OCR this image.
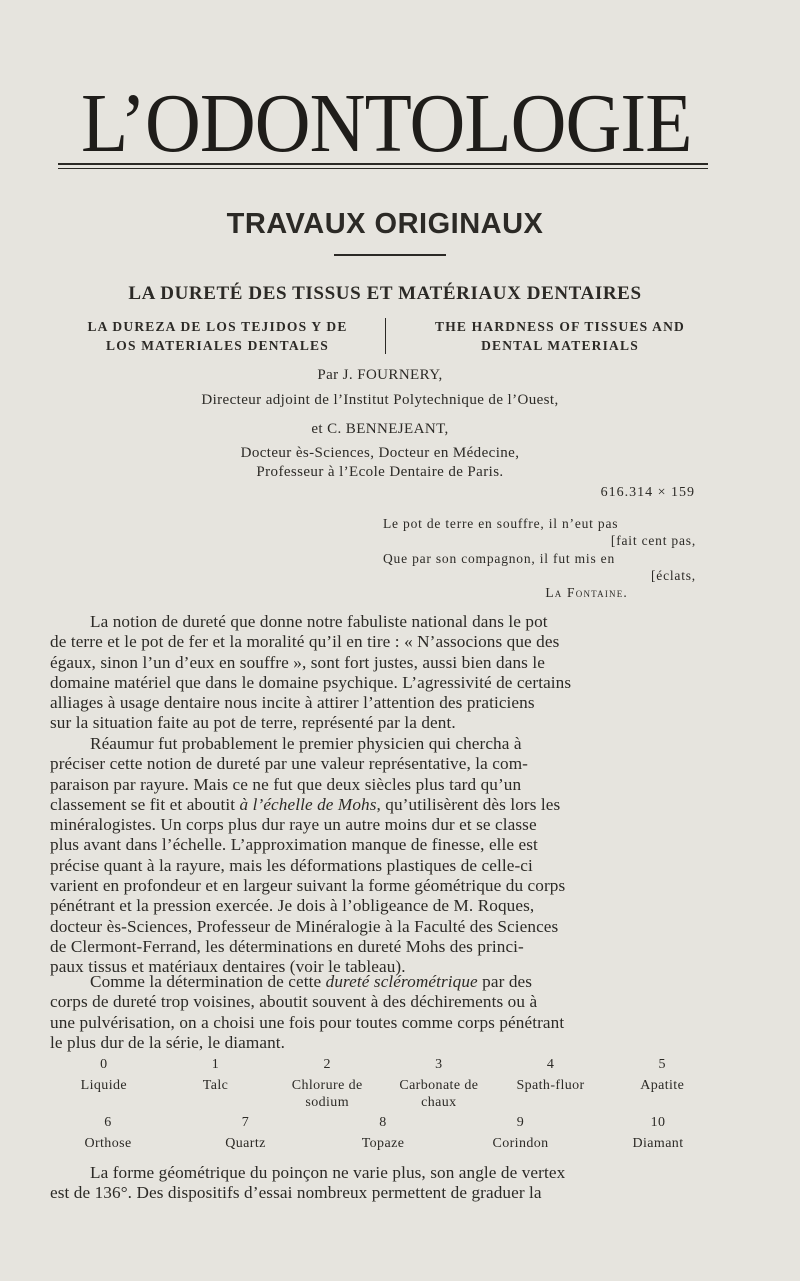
L’ODONTOLOGIE
TRAVAUX ORIGINAUX
LA DURETÉ DES TISSUS ET MATÉRIAUX DENTAIRES
LA DUREZA DE LOS TEJIDOS Y DE
LOS MATERIALES DENTALES
THE HARDNESS OF TISSUES AND
DENTAL MATERIALS
Par J. FOURNERY,
Directeur adjoint de l’Institut Polytechnique de l’Ouest,
et C. BENNEJEANT,
Docteur ès-Sciences, Docteur en Médecine,
Professeur à l’Ecole Dentaire de Paris.
616.314 × 159
Le pot de terre en souffre, il n’eut pas
[fait cent pas,
Que par son compagnon, il fut mis en
[éclats,
La Fontaine.
La notion de dureté que donne notre fabuliste national dans le pot
de terre et le pot de fer et la moralité qu’il en tire : « N’associons que des
égaux, sinon l’un d’eux en souffre », sont fort justes, aussi bien dans le
domaine matériel que dans le domaine psychique. L’agressivité de certains
alliages à usage dentaire nous incite à attirer l’attention des praticiens
sur la situation faite au pot de terre, représenté par la dent.
Réaumur fut probablement le premier physicien qui chercha à
préciser cette notion de dureté par une valeur représentative, la com-
paraison par rayure. Mais ce ne fut que deux siècles plus tard qu’un
classement se fit et aboutit à l’échelle de Mohs, qu’utilisèrent dès lors les
minéralogistes. Un corps plus dur raye un autre moins dur et se classe
plus avant dans l’échelle. L’approximation manque de finesse, elle est
précise quant à la rayure, mais les déformations plastiques de celle-ci
varient en profondeur et en largeur suivant la forme géométrique du corps
pénétrant et la pression exercée. Je dois à l’obligeance de M. Roques,
docteur ès-Sciences, Professeur de Minéralogie à la Faculté des Sciences
de Clermont-Ferrand, les déterminations en dureté Mohs des princi-
paux tissus et matériaux dentaires (voir le tableau).
Comme la détermination de cette dureté sclérométrique par des
corps de dureté trop voisines, aboutit souvent à des déchirements ou à
une pulvérisation, on a choisi une fois pour toutes comme corps pénétrant
le plus dur de la série, le diamant.
0
Liquide
1
Talc
2
Chlorure de sodium
3
Carbonate de chaux
4
Spath-fluor
5
Apatite
6
Orthose
7
Quartz
8
Topaze
9
Corindon
10
Diamant
La forme géométrique du poinçon ne varie plus, son angle de vertex
est de 136°. Des dispositifs d’essai nombreux permettent de graduer la
